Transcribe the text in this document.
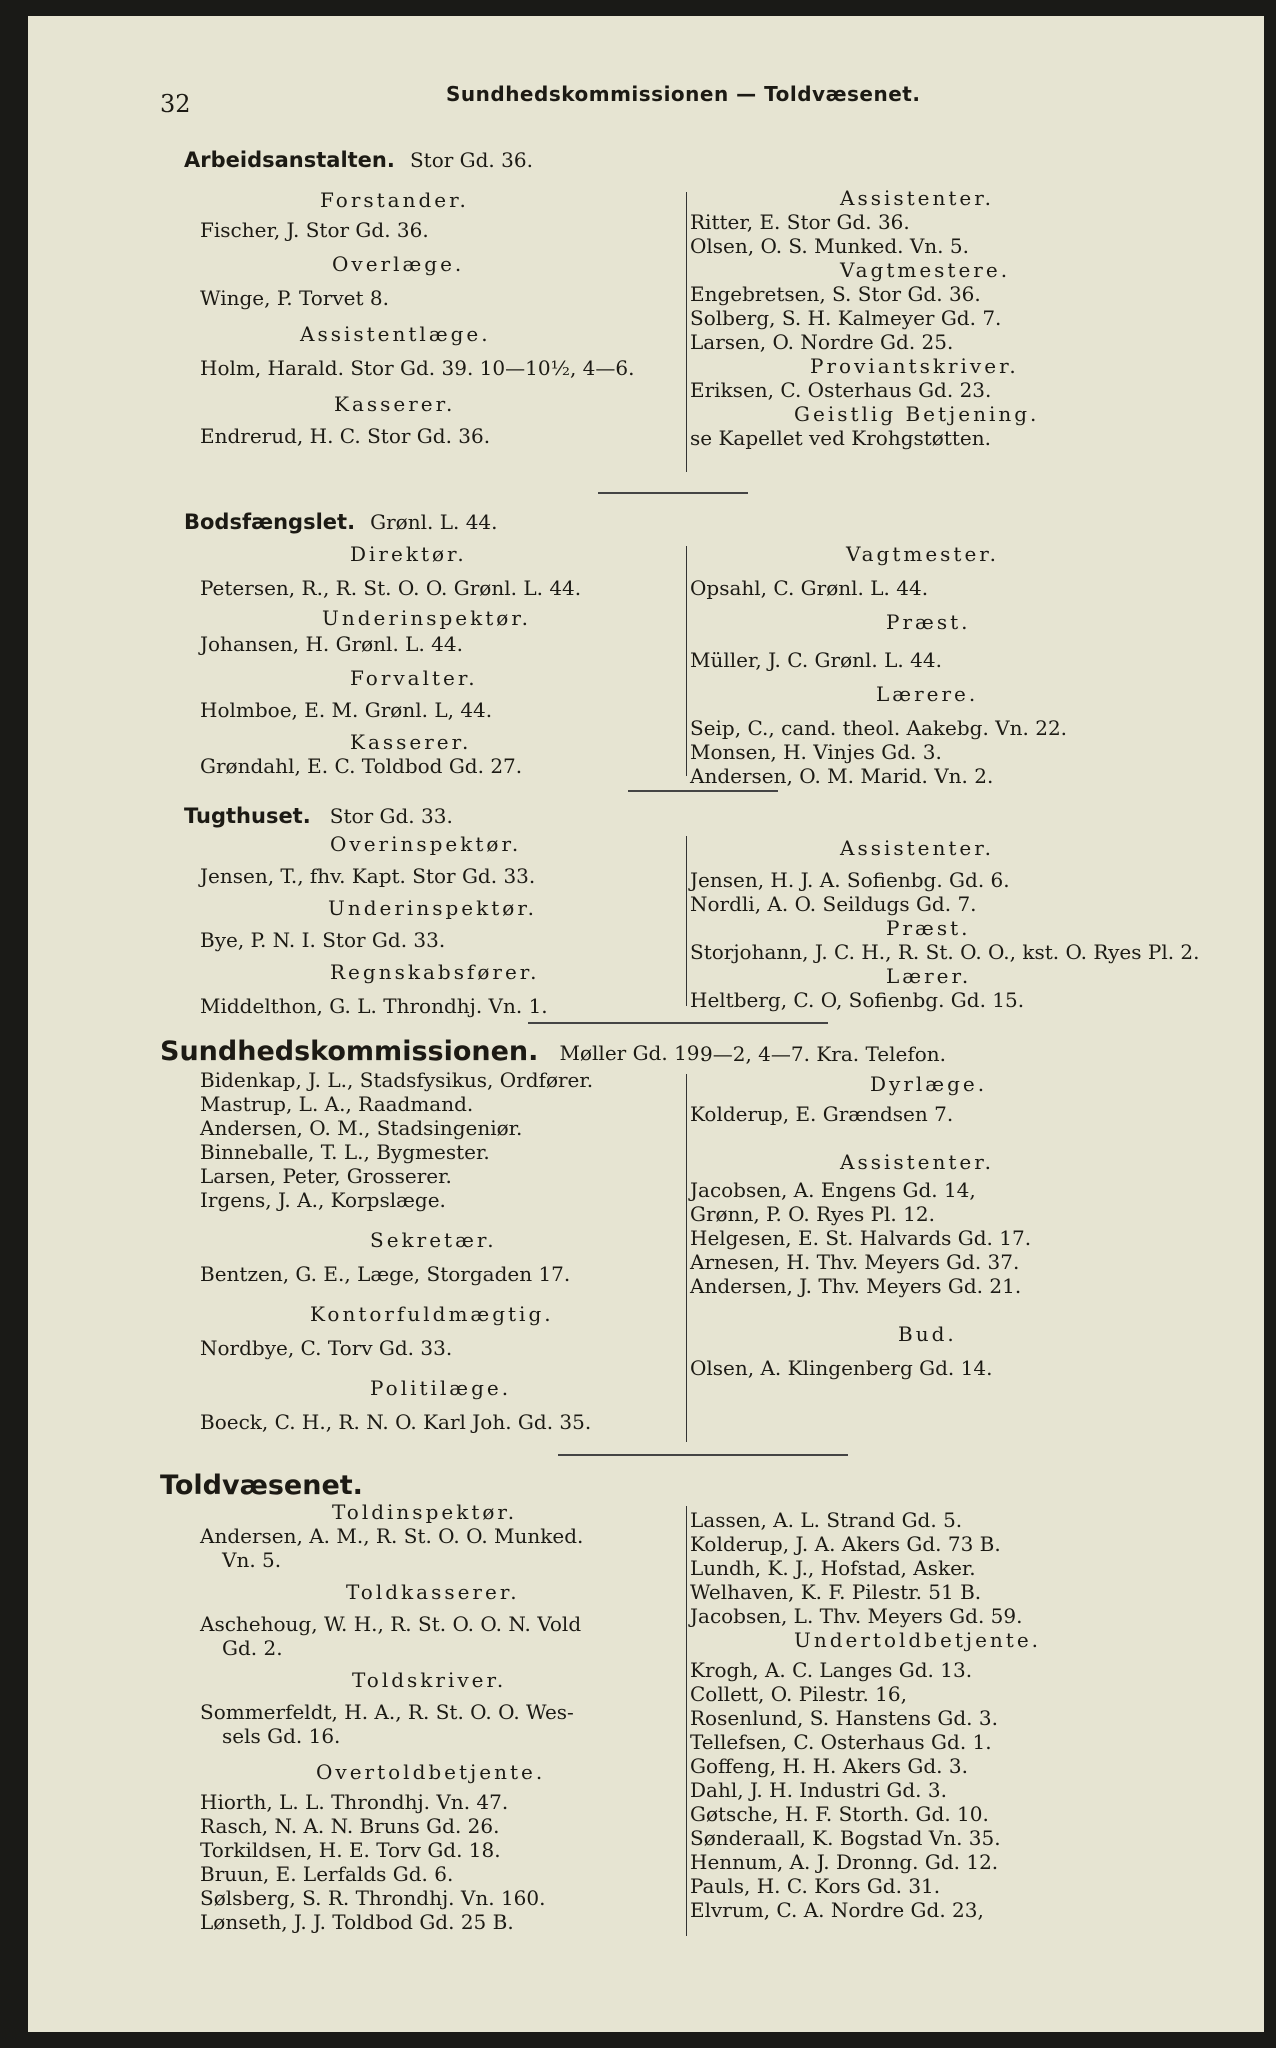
32	Sundhedskommissionen — Toldvæsenet.
Arbeidsanstalten. Stor Gd. 36.
Forstander.
Fischer, J. Stor Gd. 36.
Overlæge.
Winge, P. Torvet 8.
Assistentlæge.
Holm, Harald. Stor Gd. 39. 10—10½, 4—6.
Kasserer.
Endrerud, H. C. Stor Gd. 36.
Assistenter.
Ritter, E. Stor Gd. 36.
Olsen, O. S. Munked. Vn. 5.
Vagtmestere.
Engebretsen, S. Stor Gd. 36.
Solberg, S. H. Kalmeyer Gd. 7.
Larsen, O. Nordre Gd. 25.
Proviantskriver.
Eriksen, C. Osterhaus Gd. 23.
Geistlig Betjening.
se Kapellet ved Krohgstøtten.
Bodsfængslet. Grønl. L. 44.
Direktør.
Petersen, R., R. St. O. O. Grønl. L. 44.
Underinspektør.
Johansen, H. Grønl. L. 44.
Forvalter.
Holmboe, E. M. Grønl. L, 44.
Kasserer.
Grøndahl, E. C. Toldbod Gd. 27.
Vagtmester.
Opsahl, C. Grønl. L. 44.
Præst.
Müller, J. C. Grønl. L. 44.
Lærere.
Seip, C., cand. theol. Aakebg. Vn. 22.
Monsen, H. Vinjes Gd. 3.
Andersen, O. M. Marid. Vn. 2.
Tugthuset. Stor Gd. 33.
Overinspektør.
Jensen, T., fhv. Kapt. Stor Gd. 33.
Underinspektør.
Bye, P. N. I. Stor Gd. 33.
Regnskabsfører.
Middelthon, G. L. Throndhj. Vn. 1.
Assistenter.
Jensen, H. J. A. Sofienbg. Gd. 6.
Nordli, A. O. Seildugs Gd. 7.
Præst.
Storjohann, J. C. H., R. St. O. O., kst. O. Ryes Pl. 2.
Lærer.
Heltberg, C. O, Sofienbg. Gd. 15.
Sundhedskommissionen. Møller Gd. 19.
9—2, 4—7. Kra. Telefon.
Bidenkap, J. L., Stadsfysikus, Ordfører.
Mastrup, L. A., Raadmand.
Andersen, O. M., Stadsingeniør.
Binneballe, T. L., Bygmester.
Larsen, Peter, Grosserer.
Irgens, J. A., Korpslæge.
Sekretær.
Bentzen, G. E., Læge, Storgaden 17.
Kontorfuldmægtig.
Nordbye, C. Torv Gd. 33.
Politilæge.
Boeck, C. H., R. N. O. Karl Joh. Gd. 35.
Dyrlæge.
Kolderup, E. Grændsen 7.
Assistenter.
Jacobsen, A. Engens Gd. 14,
Grønn, P. O. Ryes Pl. 12.
Helgesen, E. St. Halvards Gd. 17.
Arnesen, H. Thv. Meyers Gd. 37.
Andersen, J. Thv. Meyers Gd. 21.
Bud.
Olsen, A. Klingenberg Gd. 14.
Toldvæsenet.
Toldinspektør.
Andersen, A. M., R. St. O. O. Munked.
Vn. 5.
Toldkasserer.
Aschehoug, W. H., R. St. O. O. N. Vold
Gd. 2.
Toldskriver.
Sommerfeldt, H. A., R. St. O. O. Wes-
sels Gd. 16.
Overtoldbetjente.
Hiorth, L. L. Throndhj. Vn. 47.
Rasch, N. A. N. Bruns Gd. 26.
Torkildsen, H. E. Torv Gd. 18.
Bruun, E. Lerfalds Gd. 6.
Sølsberg, S. R. Throndhj. Vn. 160.
Lønseth, J. J. Toldbod Gd. 25 B.
Lassen, A. L. Strand Gd. 5.
Kolderup, J. A. Akers Gd. 73 B.
Lundh, K. J., Hofstad, Asker.
Welhaven, K. F. Pilestr. 51 B.
Jacobsen, L. Thv. Meyers Gd. 59.
Undertoldbetjente.
Krogh, A. C. Langes Gd. 13.
Collett, O. Pilestr. 16,
Rosenlund, S. Hanstens Gd. 3.
Tellefsen, C. Osterhaus Gd. 1.
Goffeng, H. H. Akers Gd. 3.
Dahl, J. H. Industri Gd. 3.
Gøtsche, H. F. Storth. Gd. 10.
Sønderaall, K. Bogstad Vn. 35.
Hennum, A. J. Dronng. Gd. 12.
Pauls, H. C. Kors Gd. 31.
Elvrum, C. A. Nordre Gd. 23,
